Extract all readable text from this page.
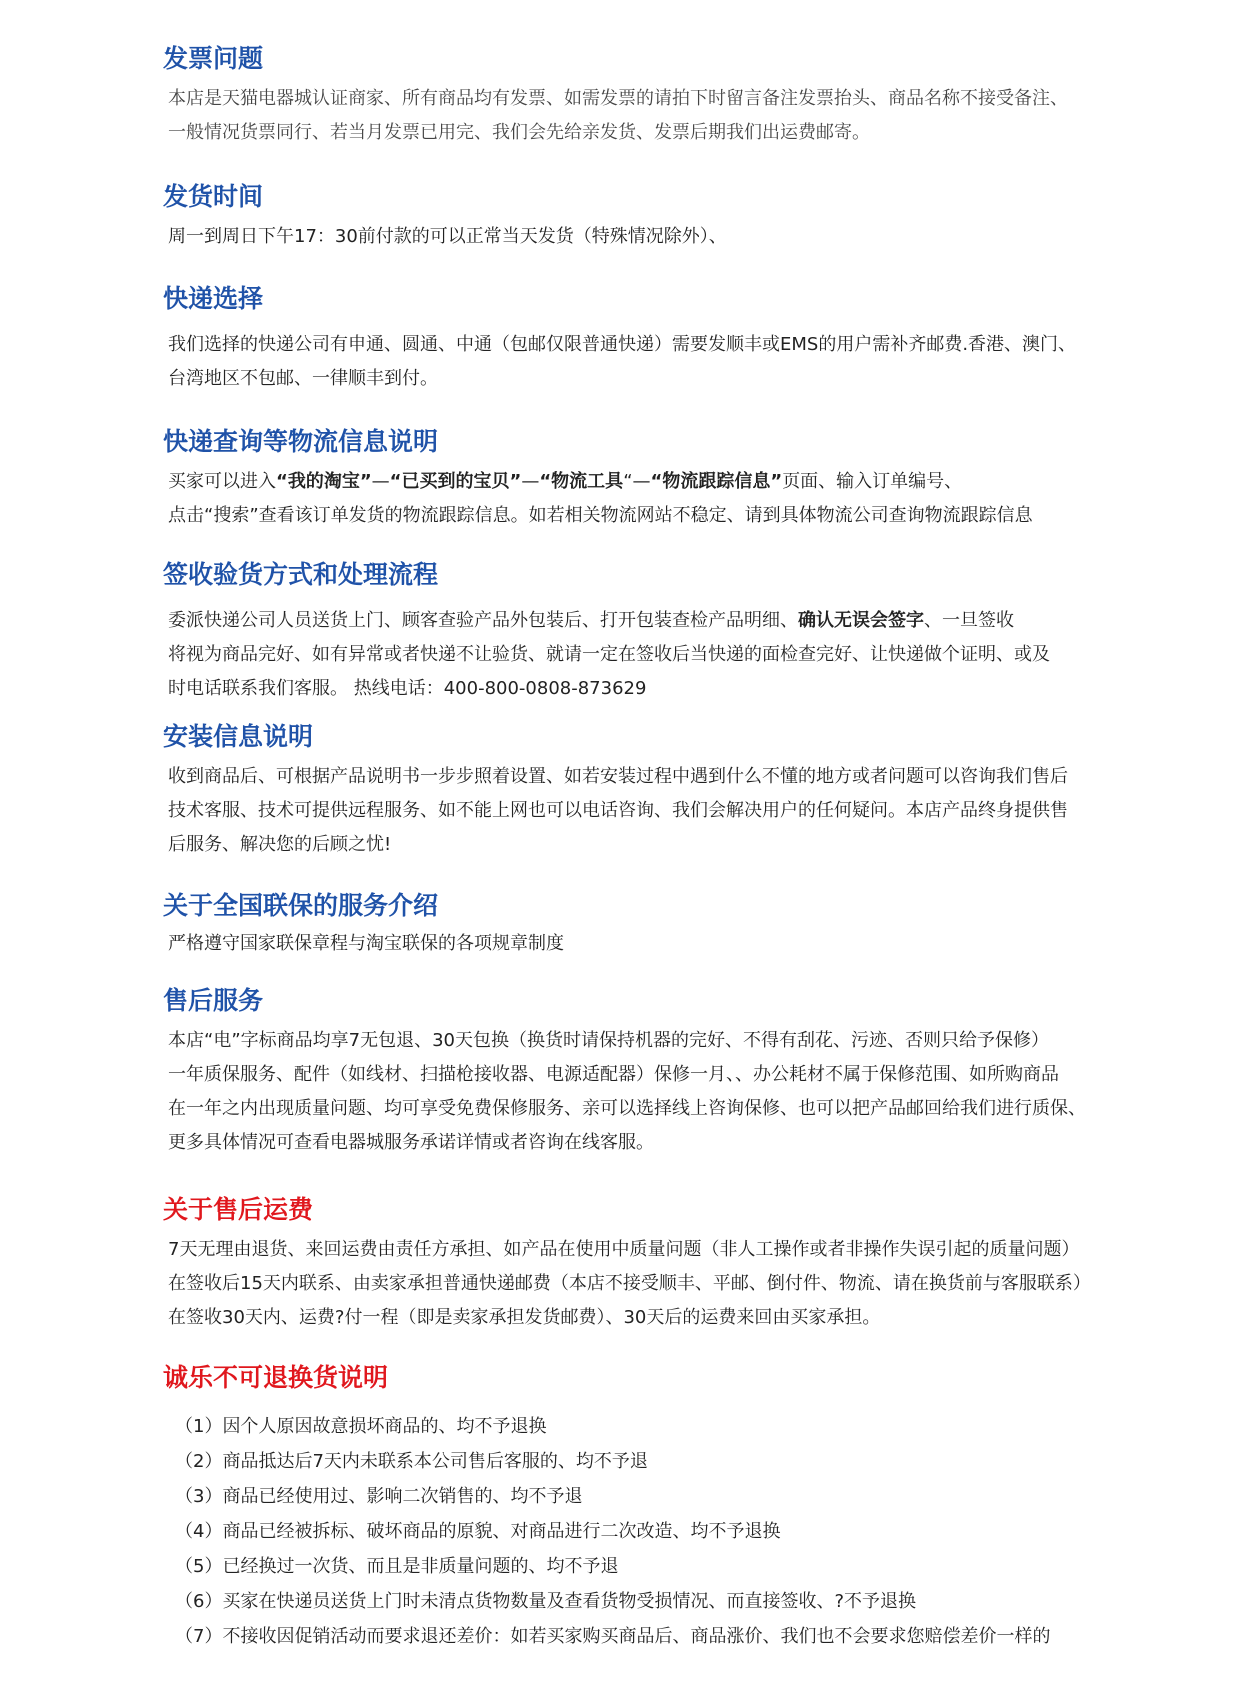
发票问题
本店是天猫电器城认证商家、所有商品均有发票、如需发票的请拍下时留言备注发票抬头、商品名称不接受备注、
一般情况货票同行、若当月发票已用完、我们会先给亲发货、发票后期我们出运费邮寄。
发货时间
周一到周日下午17：30前付款的可以正常当天发货（特殊情况除外）、
快递选择
我们选择的快递公司有申通、圆通、中通（包邮仅限普通快递）需要发顺丰或EMS的用户需补齐邮费.香港、澳门、
台湾地区不包邮、一律顺丰到付。
快递查询等物流信息说明
买家可以进入“我的淘宝”—“已买到的宝贝”—“物流工具“—“物流跟踪信息”页面、输入订单编号、
点击“搜索”查看该订单发货的物流跟踪信息。如若相关物流网站不稳定、请到具体物流公司查询物流跟踪信息
签收验货方式和处理流程
委派快递公司人员送货上门、顾客查验产品外包装后、打开包装查检产品明细、确认无误会签字、一旦签收
将视为商品完好、如有异常或者快递不让验货、就请一定在签收后当快递的面检查完好、让快递做个证明、或及
时电话联系我们客服。 热线电话：400-800-0808-873629
安装信息说明
收到商品后、可根据产品说明书一步步照着设置、如若安装过程中遇到什么不懂的地方或者问题可以咨询我们售后
技术客服、技术可提供远程服务、如不能上网也可以电话咨询、我们会解决用户的任何疑问。本店产品终身提供售
后服务、解决您的后顾之忧!
关于全国联保的服务介绍
严格遵守国家联保章程与淘宝联保的各项规章制度
售后服务
本店“电”字标商品均享7无包退、30天包换（换货时请保持机器的完好、不得有刮花、污迹、否则只给予保修）
一年质保服务、配件（如线材、扫描枪接收器、电源适配器）保修一月、、办公耗材不属于保修范围、如所购商品
在一年之内出现质量问题、均可享受免费保修服务、亲可以选择线上咨询保修、也可以把产品邮回给我们进行质保、
更多具体情况可查看电器城服务承诺详情或者咨询在线客服。
关于售后运费
7天无理由退货、来回运费由责任方承担、如产品在使用中质量问题（非人工操作或者非操作失误引起的质量问题）
在签收后15天内联系、由卖家承担普通快递邮费（本店不接受顺丰、平邮、倒付件、物流、请在换货前与客服联系）
在签收30天内、运费?付一程（即是卖家承担发货邮费）、30天后的运费来回由买家承担。
诚乐不可退换货说明
（1）因个人原因故意损坏商品的、均不予退换
（2）商品抵达后7天内未联系本公司售后客服的、均不予退
（3）商品已经使用过、影响二次销售的、均不予退
（4）商品已经被拆标、破坏商品的原貌、对商品进行二次改造、均不予退换
（5）已经换过一次货、而且是非质量问题的、均不予退
（6）买家在快递员送货上门时未清点货物数量及查看货物受损情况、而直接签收、?不予退换
（7）不接收因促销活动而要求退还差价：如若买家购买商品后、商品涨价、我们也不会要求您赔偿差价一样的
